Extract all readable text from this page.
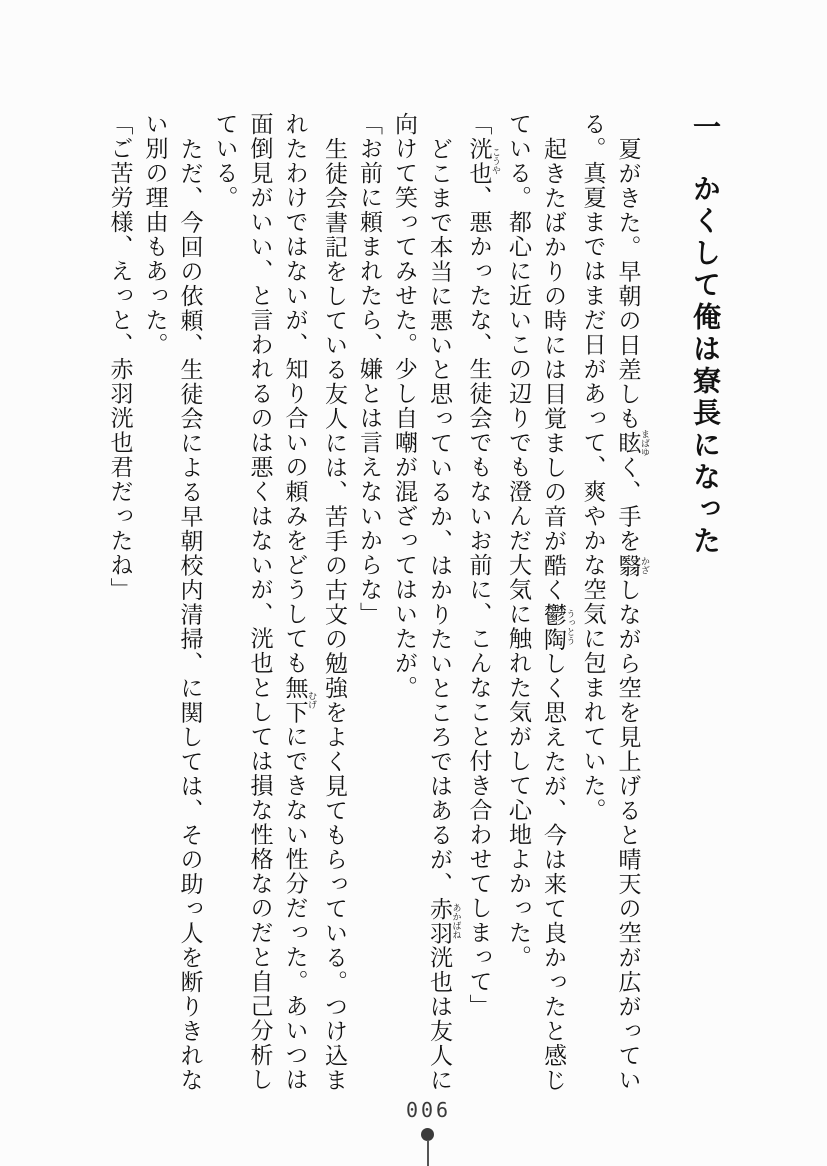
一かくして俺は寮長になった

夏がきた。早朝の日差しも眩 まばゆく、手を翳 かざしながら空を見上げると晴天の空が広がってい

る。真夏まではまだ日があって、爽やかな空気に包まれていた。

起きたばかりの時には目覚ましの音が酷く鬱陶 うっとうしく思えたが、今は来て良かったと感じ

ている。都心に近いこの辺りでも澄んだ大気に触れた気がして心地よかった。

「洸也 こうや、悪かったな、生徒会でもないお前に、こんなこと付き合わせてしまって」

どこまで本当に悪いと思っているか、はかりたいところではあるが、赤羽 あかばね洸也は友人に

向けて笑ってみせた。少し自嘲が混ざってはいたが。

「お前に頼まれたら、嫌とは言えないからな」

生徒会書記をしている友人には、苦手の古文の勉強をよく見てもらっている。つけ込ま

れたわけではないが、知り合いの頼みをどうしても無下 むげにできない性分だった。あいつは

面倒見がいい、と言われるのは悪くはないが、洸也としては損な性格なのだと自己分析し

ている。

ただ、今回の依頼、生徒会による早朝校内清掃、に関しては、その助っ人を断りきれな

い別の理由もあった。

「ご苦労様、えっと、赤羽洸也君だったね」

006
